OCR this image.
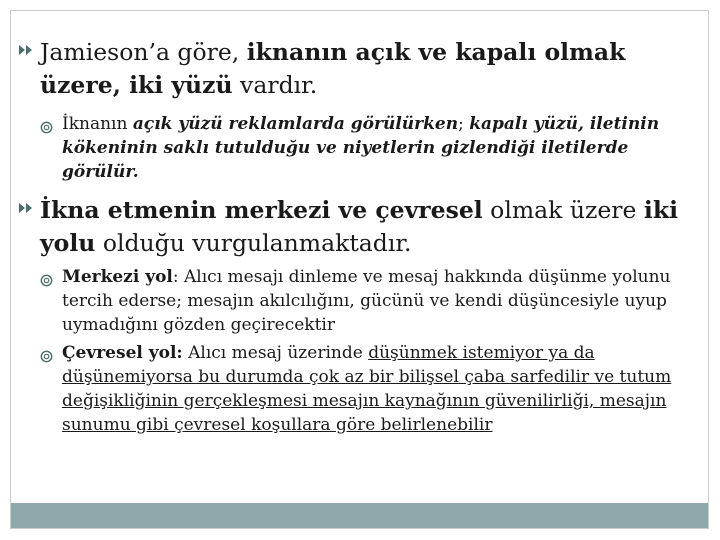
Jamieson’a göre, iknanın açık ve kapalı olmak üzere, iki yüzü vardır.
İknanın açık yüzü reklamlarda görülürken; kapalı yüzü, iletinin kökeninin saklı tutulduğu ve niyetlerin gizlendiği iletilerde görülür.
İkna etmenin merkezi ve çevresel olmak üzere iki yolu olduğu vurgulanmaktadır.
Merkezi yol: Alıcı mesajı dinleme ve mesaj hakkında düşünme yolunu tercih ederse; mesajın akılcılığını, gücünü ve kendi düşüncesiyle uyup uymadığını gözden geçirecektir
Çevresel yol: Alıcı mesaj üzerinde düşünmek istemiyor ya da düşünemiyorsa bu durumda çok az bir bilişsel çaba sarfedilir ve tutum değişikliğinin gerçekleşmesi mesajın kaynağının güvenilirliği, mesajın sunumu gibi çevresel koşullara göre belirlenebilir
